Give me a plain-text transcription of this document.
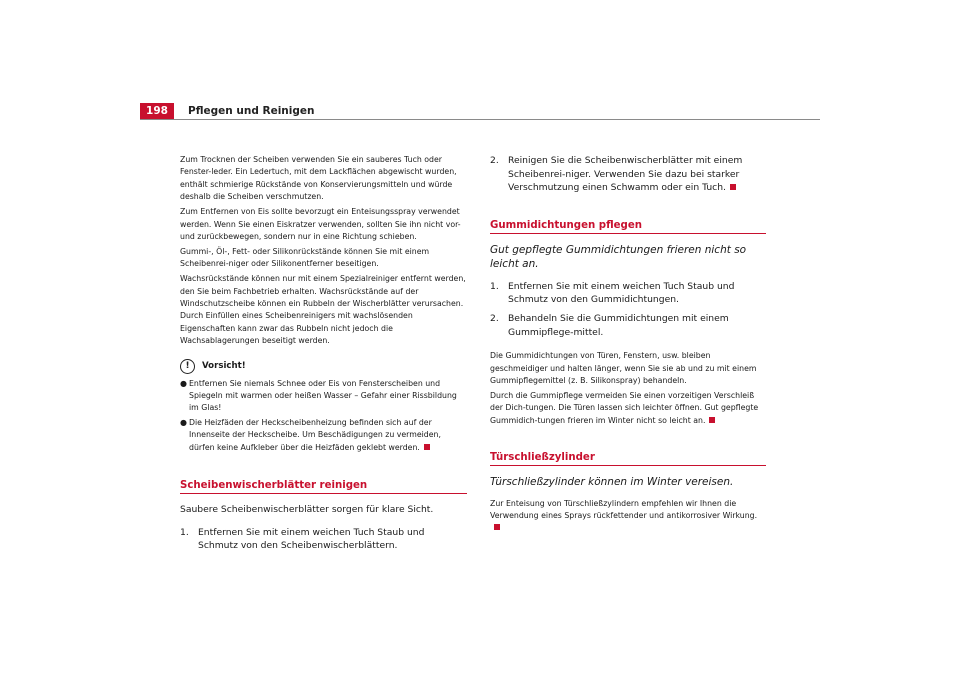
198	Pflegen und Reinigen

Zum Trocknen der Scheiben verwenden Sie ein sauberes Tuch oder Fenster-leder. Ein Ledertuch, mit dem Lackflächen abgewischt wurden, enthält schmierige Rückstände von Konservierungsmitteln und würde deshalb die Scheiben verschmutzen.

Zum Entfernen von Eis sollte bevorzugt ein Enteisungsspray verwendet werden. Wenn Sie einen Eiskratzer verwenden, sollten Sie ihn nicht vor- und zurückbewegen, sondern nur in eine Richtung schieben.

Gummi-, Öl-, Fett- oder Silikonrückstände können Sie mit einem Scheibenrei-niger oder Silikonentferner beseitigen.

Wachsrückstände können nur mit einem Spezialreiniger entfernt werden, den Sie beim Fachbetrieb erhalten. Wachsrückstände auf der Windschutzscheibe können ein Rubbeln der Wischerblätter verursachen. Durch Einfüllen eines Scheibenreinigers mit wachslösenden Eigenschaften kann zwar das Rubbeln nicht jedoch die Wachsablagerungen beseitigt werden.

!	Vorsicht!
● Entfernen Sie niemals Schnee oder Eis von Fensterscheiben und Spiegeln mit warmen oder heißen Wasser – Gefahr einer Rissbildung im Glas!
● Die Heizfäden der Heckscheibenheizung befinden sich auf der Innenseite der Heckscheibe. Um Beschädigungen zu vermeiden, dürfen keine Aufkleber über die Heizfäden geklebt werden.
Scheibenwischerblätter reinigen

Saubere Scheibenwischerblätter sorgen für klare Sicht.

1.	Entfernen Sie mit einem weichen Tuch Staub und Schmutz von den Scheibenwischerblättern.
2.	Reinigen Sie die Scheibenwischerblätter mit einem Scheibenrei-niger. Verwenden Sie dazu bei starker Verschmutzung einen Schwamm oder ein Tuch.
Gummidichtungen pflegen
Gut gepflegte Gummidichtungen frieren nicht so leicht an.
1.	Entfernen Sie mit einem weichen Tuch Staub und Schmutz von den Gummidichtungen.
2.	Behandeln Sie die Gummidichtungen mit einem Gummipflege-mittel.

Die Gummidichtungen von Türen, Fenstern, usw. bleiben geschmeidiger und halten länger, wenn Sie sie ab und zu mit einem Gummipflegemittel (z. B. Silikonspray) behandeln.

Durch die Gummipflege vermeiden Sie einen vorzeitigen Verschleiß der Dich-tungen. Die Türen lassen sich leichter öffnen. Gut gepflegte Gummidich-tungen frieren im Winter nicht so leicht an.

Türschließzylinder
Türschließzylinder können im Winter vereisen.

Zur Enteisung von Türschließzylindern empfehlen wir Ihnen die Verwendung eines Sprays rückfettender und antikorrosiver Wirkung.
